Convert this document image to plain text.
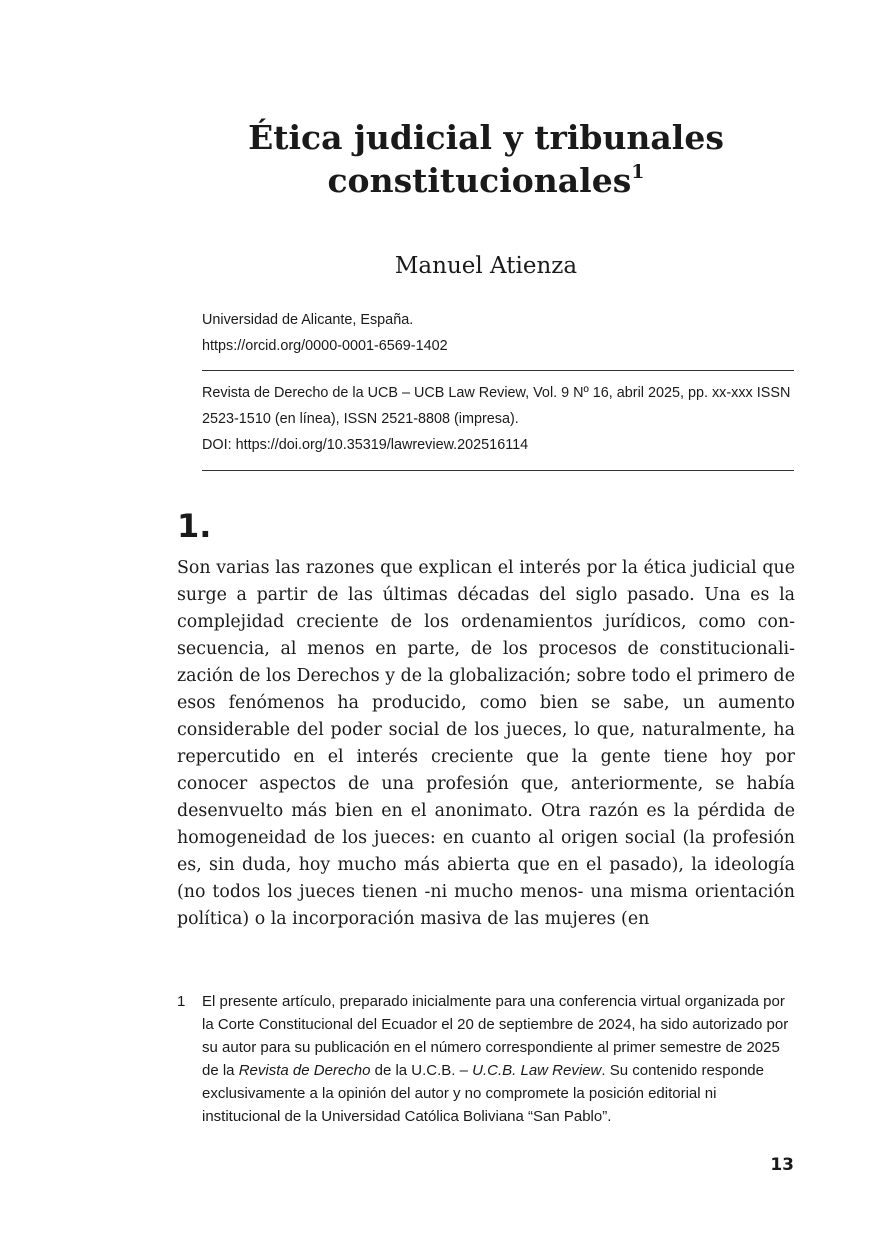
Ética judicial y tribunales
constitucionales$^1$
Manuel Atienza
Universidad de Alicante, España.
https://orcid.org/0000-0001-6569-1402
Revista de Derecho de la UCB – UCB Law Review, Vol. 9 Nº 16, abril 2025, pp. xx-xxx ISSN 2523-1510 (en línea), ISSN 2521-8808 (impresa).
DOI: https://doi.org/10.35319/lawreview.202516114
1.

Son varias las razones que explican el interés por la ética judicial que surge a partir de las últimas décadas del siglo pasado. Una es la complejidad creciente de los ordenamientos jurídicos, como consecuencia, al menos en parte, de los procesos de constitucionalización de los Derechos y de la globalización; sobre todo el primero de esos fenómenos ha producido, como bien se sabe, un aumento considerable del poder social de los jueces, lo que, naturalmente, ha repercutido en el interés creciente que la gente tiene hoy por conocer aspectos de una profesión que, anteriormente, se había desenvuelto más bien en el anonimato. Otra razón es la pérdida de homogeneidad de los jueces: en cuanto al origen social (la profesión es, sin duda, hoy mucho más abierta que en el pasado), la ideología (no todos los jueces tienen -ni mucho menos- una misma orientación política) o la incorporación masiva de las mujeres (en

1 El presente artículo, preparado inicialmente para una conferencia virtual organizada por la Corte Constitucional del Ecuador el 20 de septiembre de 2024, ha sido autorizado por su autor para su publicación en el número correspondiente al primer semestre de 2025 de la Revista de Derecho de la U.C.B. – U.C.B. Law Review. Su contenido responde exclusivamente a la opinión del autor y no compromete la posición editorial ni institucional de la Universidad Católica Boliviana “San Pablo”.
13
